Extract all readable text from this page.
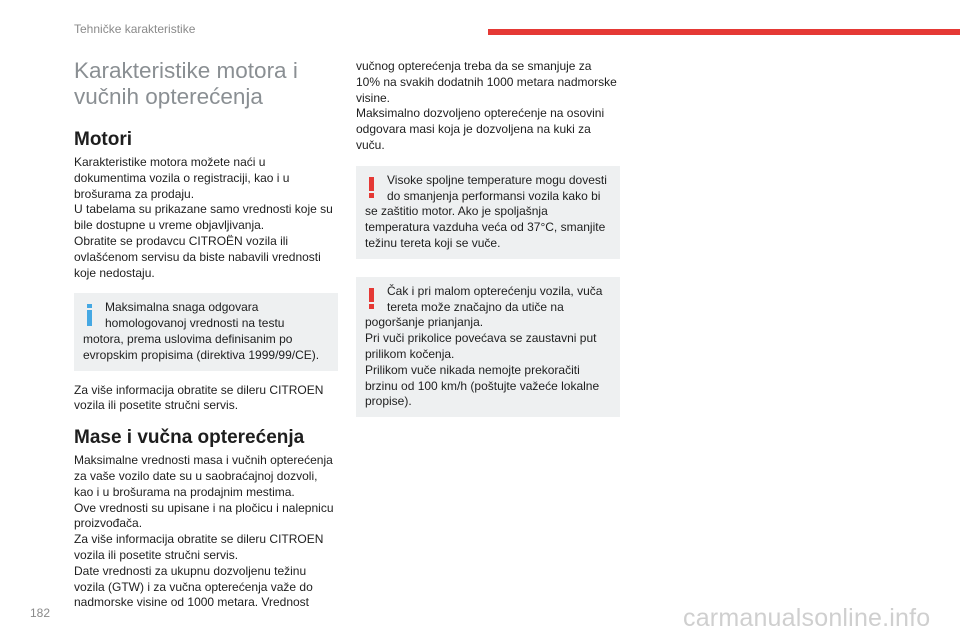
Tehničke karakteristike
Karakteristike motora i
vučnih opterećenja
Motori

Karakteristike motora možete naći u
dokumentima vozila o registraciji, kao i u
brošurama za prodaju.
U tabelama su prikazane samo vrednosti koje su
bile dostupne u vreme objavljivanja.
Obratite se prodavcu CITROËN vozila ili
ovlašćenom servisu da biste nabavili vrednosti
koje nedostaju.

Maksimalna snaga odgovara
homologovanoj vrednosti na testu
motora, prema uslovima definisanim po
evropskim propisima (direktiva 1999/99/CE).

Za više informacija obratite se dileru CITROEN
vozila ili posetite stručni servis.

Mase i vučna opterećenja

Maksimalne vrednosti masa i vučnih opterećenja
za vaše vozilo date su u saobraćajnoj dozvoli,
kao i u brošurama na prodajnim mestima.
Ove vrednosti su upisane i na pločicu i nalepnicu
proizvođača.
Za više informacija obratite se dileru CITROEN
vozila ili posetite stručni servis.
Date vrednosti za ukupnu dozvoljenu težinu
vozila (GTW) i za vučna opterećenja važe do
nadmorske visine od 1000 metara. Vrednost

vučnog opterećenja treba da se smanjuje za
10% na svakih dodatnih 1000 metara nadmorske
visine.
Maksimalno dozvoljeno opterećenje na osovini
odgovara masi koja je dozvoljena na kuki za
vuču.

Visoke spoljne temperature mogu dovesti
do smanjenja performansi vozila kako bi
se zaštitio motor. Ako je spoljašnja
temperatura vazduha veća od 37°C, smanjite
težinu tereta koji se vuče.
Čak i pri malom opterećenju vozila, vuča
tereta može značajno da utiče na
pogoršanje prianjanja.
Pri vuči prikolice povećava se zaustavni put
prilikom kočenja.
Prilikom vuče nikada nemojte prekoračiti
brzinu od 100 km/h (poštujte važeće lokalne
propise).
182	carmanualsonline.info
